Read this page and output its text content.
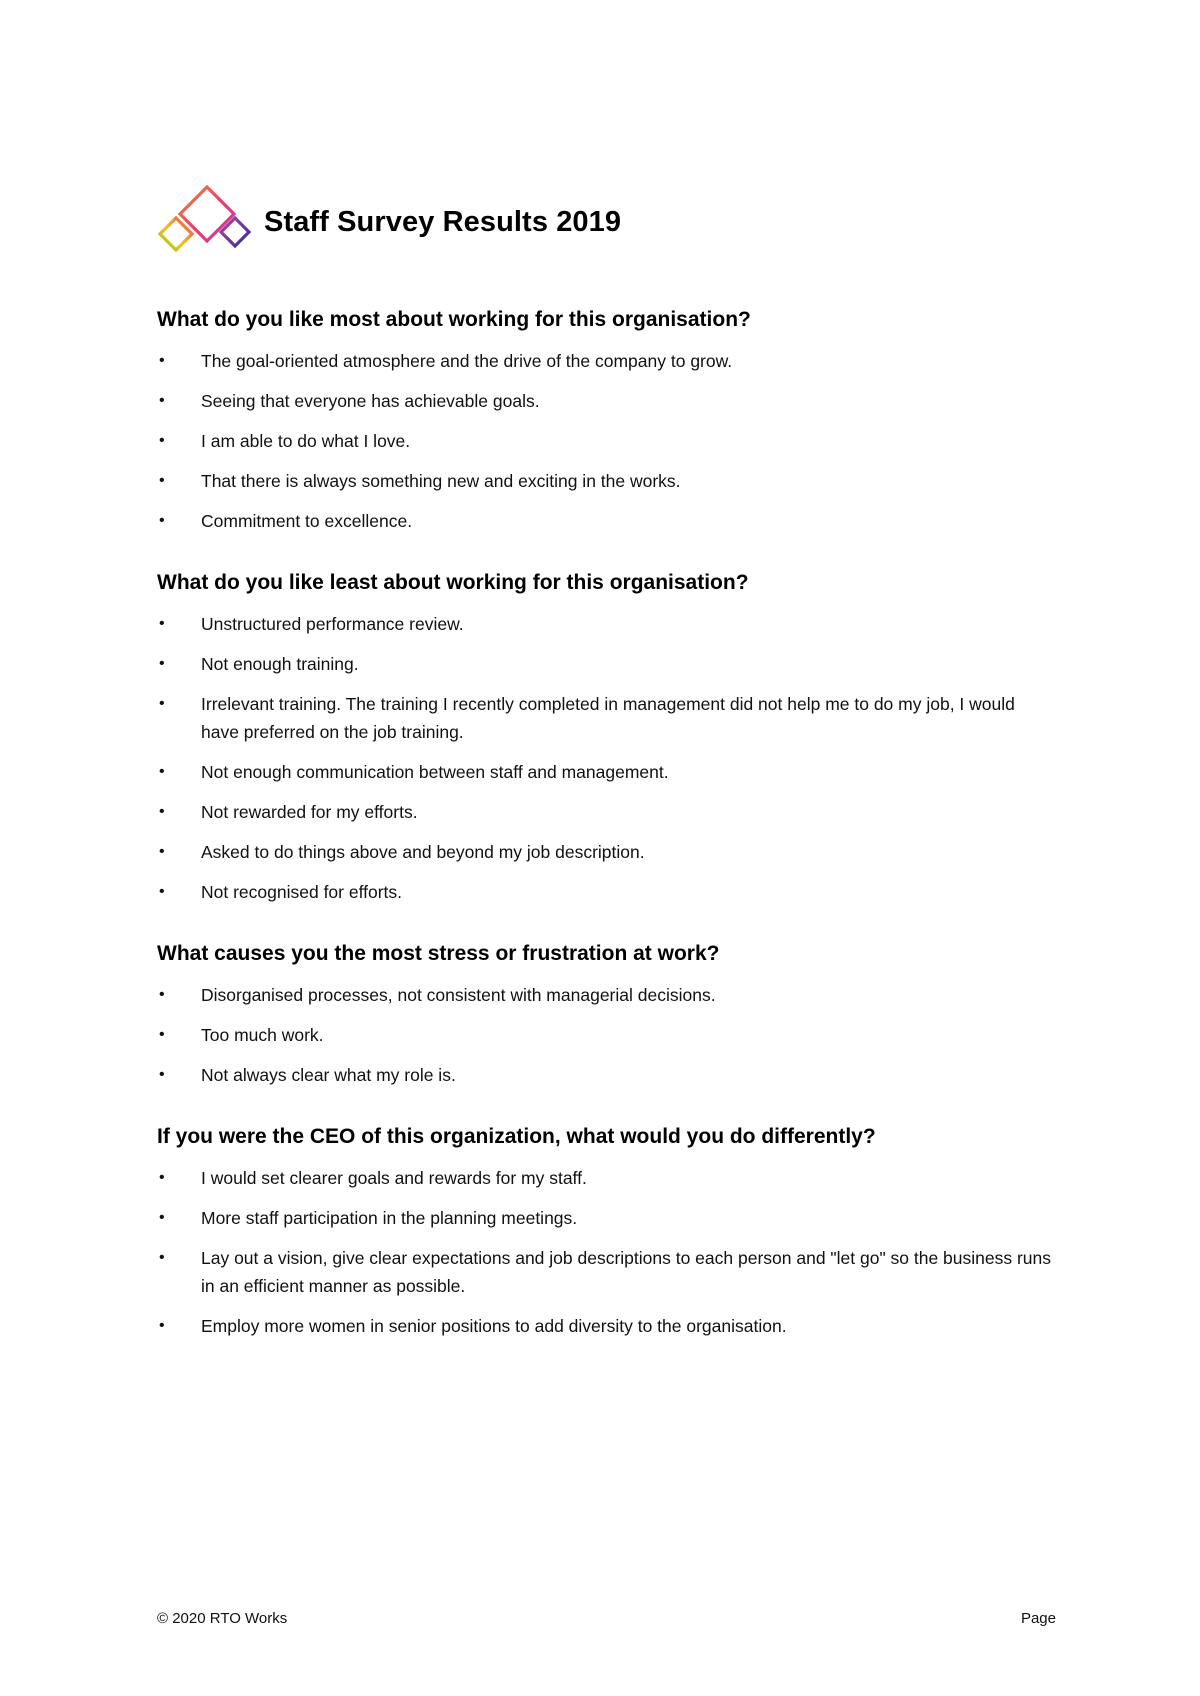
Staff Survey Results 2019
What do you like most about working for this organisation?
• The goal-oriented atmosphere and the drive of the company to grow.
• Seeing that everyone has achievable goals.
• I am able to do what I love.
• That there is always something new and exciting in the works.
• Commitment to excellence.
What do you like least about working for this organisation?
• Unstructured performance review.
• Not enough training.
• Irrelevant training. The training I recently completed in management did not help me to do my job, I would have preferred on the job training.
• Not enough communication between staff and management.
• Not rewarded for my efforts.
• Asked to do things above and beyond my job description.
• Not recognised for efforts.
What causes you the most stress or frustration at work?
• Disorganised processes, not consistent with managerial decisions.
• Too much work.
• Not always clear what my role is.
If you were the CEO of this organization, what would you do differently?
• I would set clearer goals and rewards for my staff.
• More staff participation in the planning meetings.
• Lay out a vision, give clear expectations and job descriptions to each person and "let go" so the business runs in an efficient manner as possible.
• Employ more women in senior positions to add diversity to the organisation.
© 2020 RTO Works	Page
